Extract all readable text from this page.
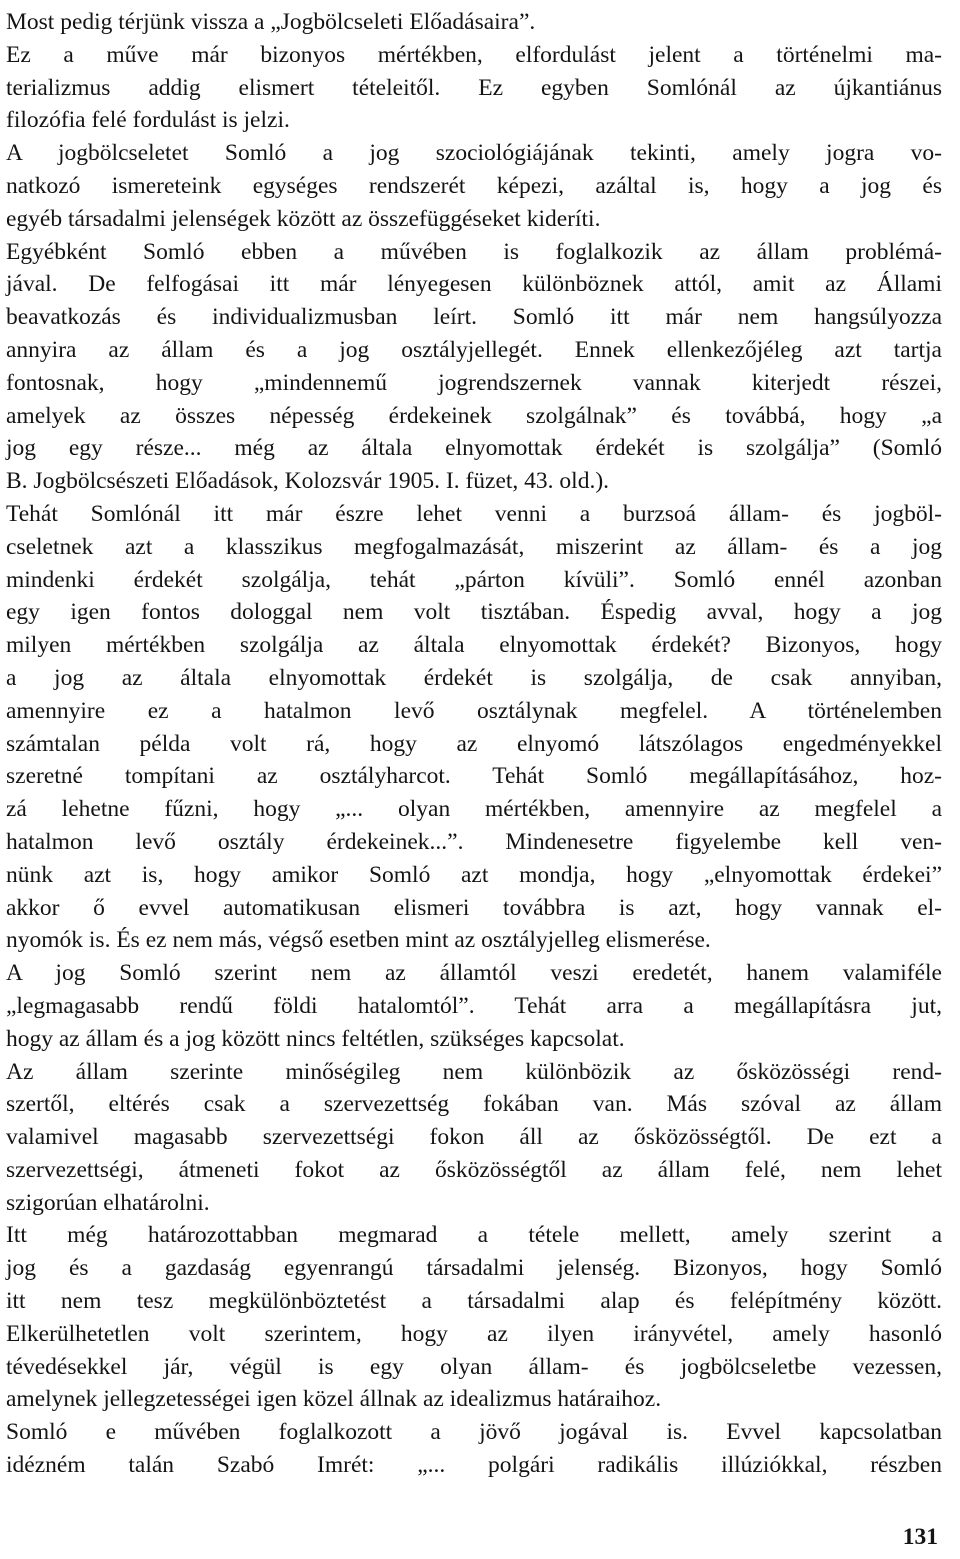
Most pedig térjünk vissza a „Jogbölcseleti Előadásaira”.
Ez a műve már bizonyos mértékben, elfordulást jelent a történelmi ma-
terializmus addig elismert tételeitől. Ez egyben Somlónál az újkantiánus
filozófia felé fordulást is jelzi.
A jogbölcseletet Somló a jog szociológiájának tekinti, amely jogra vo-
natkozó ismereteink egységes rendszerét képezi, azáltal is, hogy a jog és
egyéb társadalmi jelenségek között az összefüggéseket kideríti.
Egyébként Somló ebben a művében is foglalkozik az állam problémá-
jával. De felfogásai itt már lényegesen különböznek attól, amit az Állami
beavatkozás és individualizmusban leírt. Somló itt már nem hangsúlyozza
annyira az állam és a jog osztályjellegét. Ennek ellenkezőjéleg azt tartja
fontosnak, hogy „mindennemű jogrendszernek vannak kiterjedt részei,
amelyek az összes népesség érdekeinek szolgálnak” és továbbá, hogy „a
jog egy része... még az általa elnyomottak érdekét is szolgálja” (Somló
B. Jogbölcsészeti Előadások, Kolozsvár 1905. I. füzet, 43. old.).
Tehát Somlónál itt már észre lehet venni a burzsoá állam- és jogböl-
cseletnek azt a klasszikus megfogalmazását, miszerint az állam- és a jog
mindenki érdekét szolgálja, tehát „párton kívüli”. Somló ennél azonban
egy igen fontos dologgal nem volt tisztában. Éspedig avval, hogy a jog
milyen mértékben szolgálja az általa elnyomottak érdekét? Bizonyos, hogy
a jog az általa elnyomottak érdekét is szolgálja, de csak annyiban,
amennyire ez a hatalmon levő osztálynak megfelel. A történelemben
számtalan példa volt rá, hogy az elnyomó látszólagos engedményekkel
szeretné tompítani az osztályharcot. Tehát Somló megállapításához, hoz-
zá lehetne fűzni, hogy „... olyan mértékben, amennyire az megfelel a
hatalmon levő osztály érdekeinek...”. Mindenesetre figyelembe kell ven-
nünk azt is, hogy amikor Somló azt mondja, hogy „elnyomottak érdekei”
akkor ő evvel automatikusan elismeri továbbra is azt, hogy vannak el-
nyomók is. És ez nem más, végső esetben mint az osztályjelleg elismerése.
A jog Somló szerint nem az államtól veszi eredetét, hanem valamiféle
„legmagasabb rendű földi hatalomtól”. Tehát arra a megállapításra jut,
hogy az állam és a jog között nincs feltétlen, szükséges kapcsolat.
Az állam szerinte minőségileg nem különbözik az ősközösségi rend-
szertől, eltérés csak a szervezettség fokában van. Más szóval az állam
valamivel magasabb szervezettségi fokon áll az ősközösségtől. De ezt a
szervezettségi, átmeneti fokot az ősközösségtől az állam felé, nem lehet
szigorúan elhatárolni.
Itt még határozottabban megmarad a tétele mellett, amely szerint a
jog és a gazdaság egyenrangú társadalmi jelenség. Bizonyos, hogy Somló
itt nem tesz megkülönböztetést a társadalmi alap és felépítmény között.
Elkerülhetetlen volt szerintem, hogy az ilyen irányvétel, amely hasonló
tévedésekkel jár, végül is egy olyan állam- és jogbölcseletbe vezessen,
amelynek jellegzetességei igen közel állnak az idealizmus határaihoz.
Somló e művében foglalkozott a jövő jogával is. Evvel kapcsolatban
idézném talán Szabó Imrét: „... polgári radikális illúziókkal, részben
131
